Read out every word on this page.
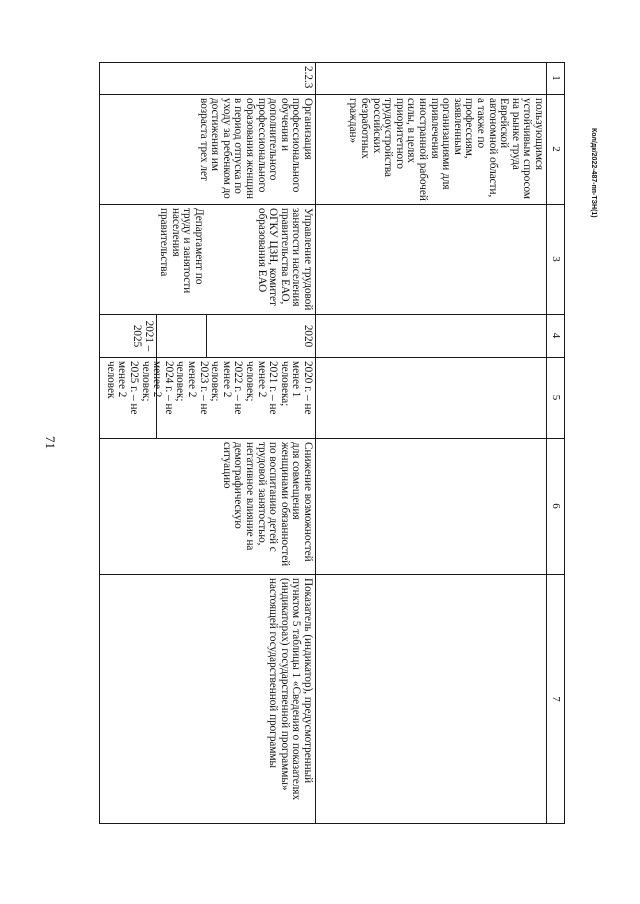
71
Кол/дк/2022-487-пп-ТЗН(1)
1
2
3
4
5
6
7

пользующимся устойчивым спросом на рынке труда Еврейской автономной области, а также по профессиям, заявленным организациями для привлечения иностранной рабочей силы, в целях приоритетного трудоустройства российских безработных граждан»

2.2.3

Организация профессионального обучения и дополнительного профессионального образования женщин в период отпуска по уходу за ребенком до достижения им возраста трех лет

Управление трудовой занятости населения правительства ЕАО, ОГКУ ЦЗН, комитет образования ЕАО

Департамент по труду и занятости населения правительства

2020

2021 – 2025

2020 г. – не менее 1 человека;

2021 г. – не менее 2 человек;

2022 г. – не менее 2 человек;

2023 г. – не менее 2 человек;

2024 г. – не менее 2 человек;

2025 г. – не менее 2 человек

Снижение возможностей для совмещения женщинами обязанностей по воспитанию детей с трудовой занятостью, негативное влияние на демографическую ситуацию

Показатель (индикатор), предусмотренный пунктом 5 таблицы 1 «Сведения о показателях (индикаторах) государственной программы» настоящей государственной программы
